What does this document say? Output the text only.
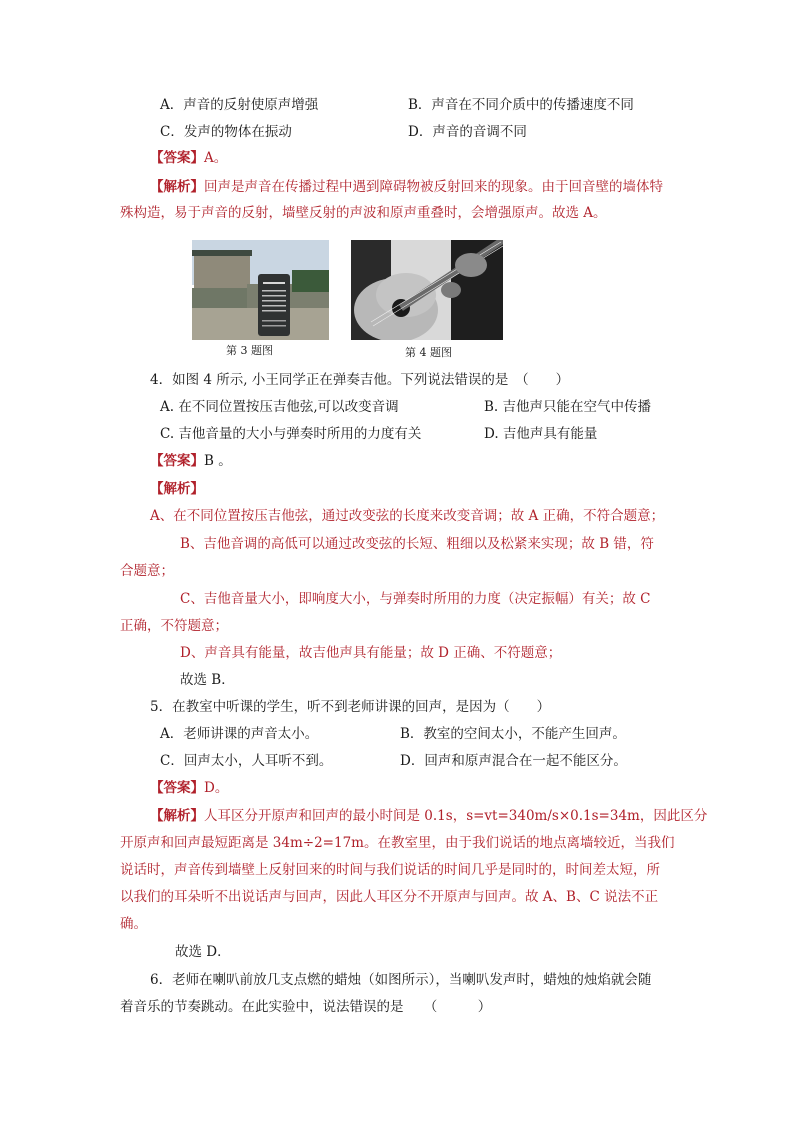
A．声音的反射使原声增强	B．声音在不同介质中的传播速度不同
C．发声的物体在振动	D．声音的音调不同
【答案】A。
【解析】回声是声音在传播过程中遇到障碍物被反射回来的现象。由于回音壁的墙体特
殊构造，易于声音的反射，墙壁反射的声波和原声重叠时，会增强原声。故选 A。
第 3 题图	第 4 题图
4．如图 4 所示, 小王同学正在弹奏吉他。下列说法错误的是　（　　）
A. 在不同位置按压吉他弦,可以改变音调	B. 吉他声只能在空气中传播
C. 吉他音量的大小与弹奏时所用的力度有关	D. 吉他声具有能量
【答案】B 。
【解析】
A、在不同位置按压吉他弦，通过改变弦的长度来改变音调；故 A 正确，不符合题意；
B、吉他音调的高低可以通过改变弦的长短、粗细以及松紧来实现；故 B 错，符
合题意；
C、吉他音量大小，即响度大小，与弹奏时所用的力度（决定振幅）有关；故 C
正确，不符题意；
D、声音具有能量，故吉他声具有能量；故 D 正确、不符题意；
故选 B．
5．在教室中听课的学生，听不到老师讲课的回声，是因为（　　）
A．老师讲课的声音太小。	B．教室的空间太小，不能产生回声。
C．回声太小，人耳听不到。	D．回声和原声混合在一起不能区分。
【答案】D。
【解析】人耳区分开原声和回声的最小时间是 0.1s，s=vt=340m/s×0.1s=34m，因此区分
开原声和回声最短距离是 34m÷2=17m。在教室里，由于我们说话的地点离墙较近，当我们
说话时，声音传到墙壁上反射回来的时间与我们说话的时间几乎是同时的，时间差太短，所
以我们的耳朵听不出说话声与回声，因此人耳区分不开原声与回声。故 A、B、C 说法不正
确。
故选 D．
6．老师在喇叭前放几支点燃的蜡烛（如图所示），当喇叭发声时，蜡烛的烛焰就会随
着音乐的节奏跳动。在此实验中，说法错误的是　　（　　　）
